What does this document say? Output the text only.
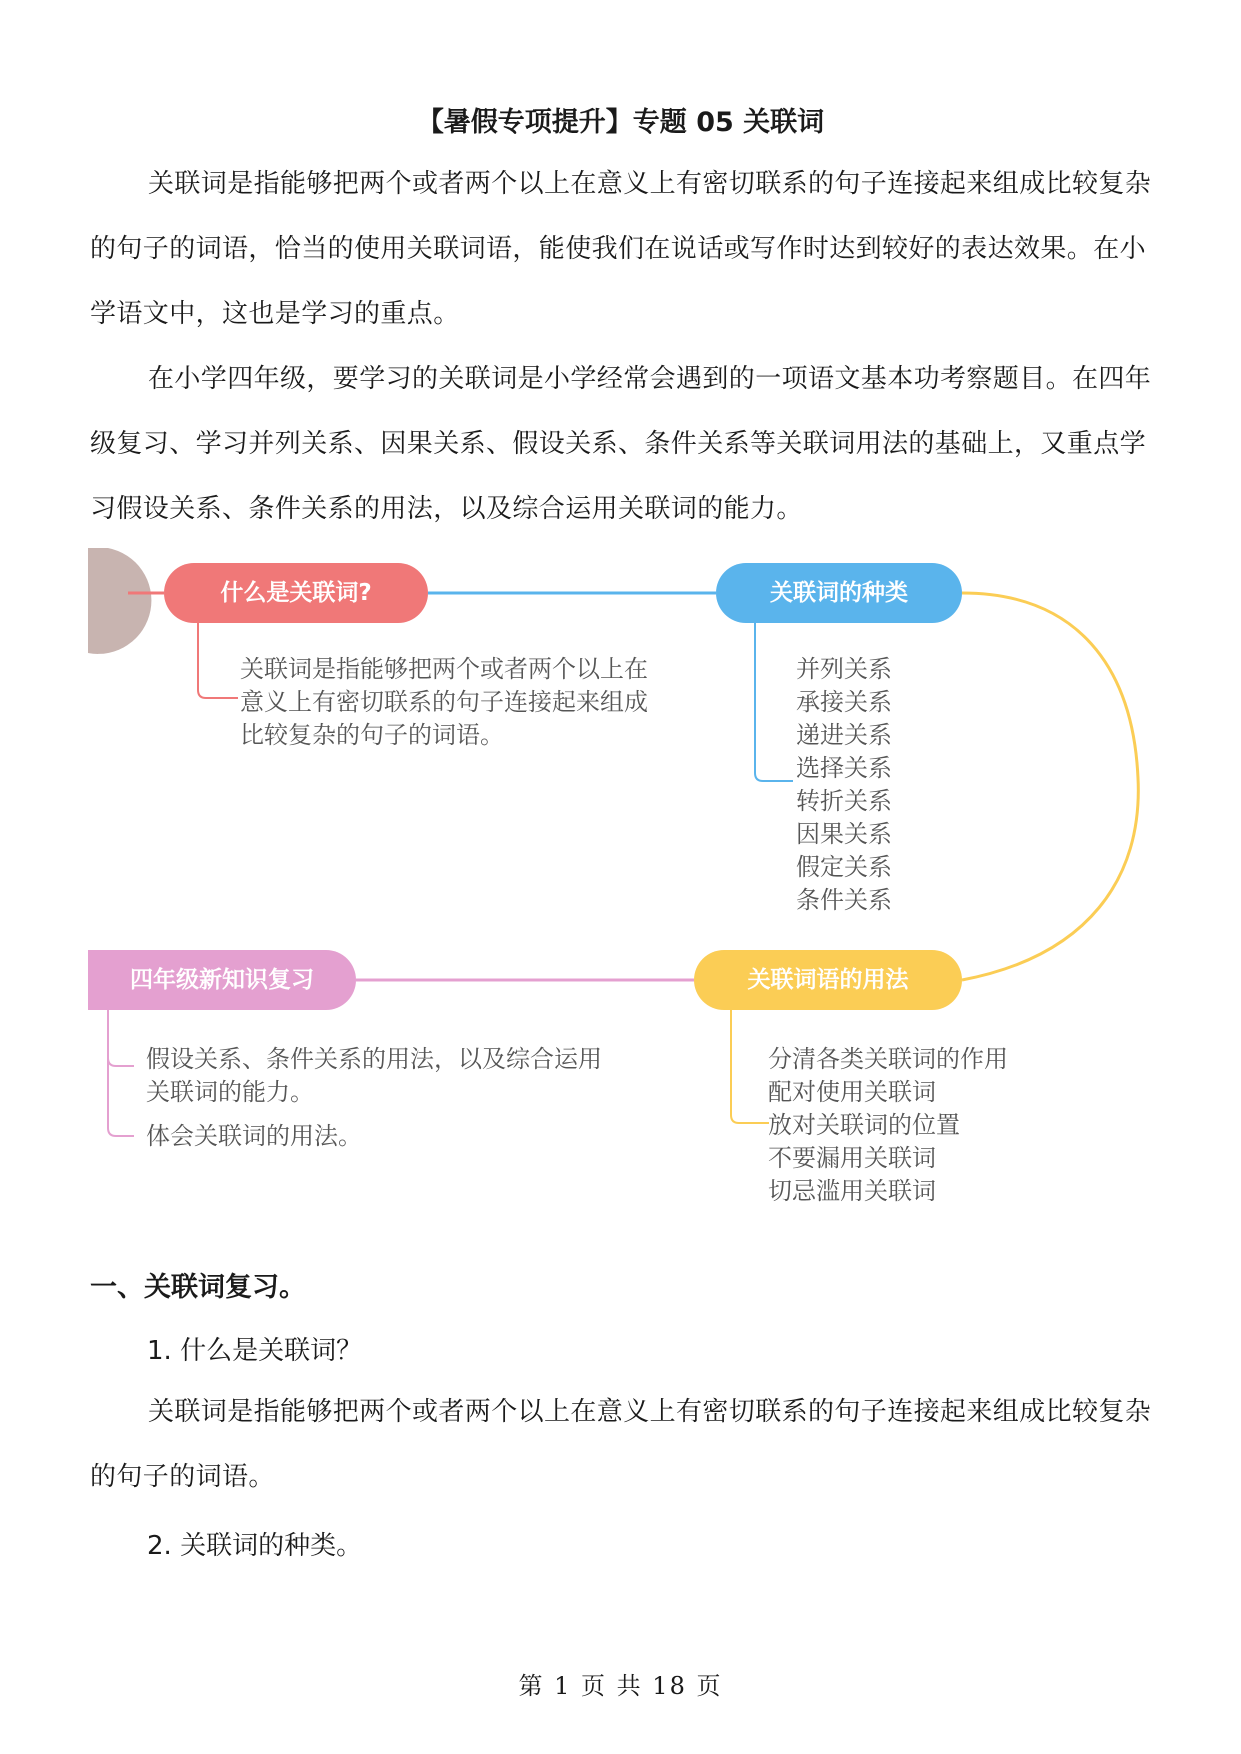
【暑假专项提升】专题 05 关联词

关联词是指能够把两个或者两个以上在意义上有密切联系的句子连接起来组成比较复杂的句子的词语，恰当的使用关联词语，能使我们在说话或写作时达到较好的表达效果。在小学语文中，这也是学习的重点。

在小学四年级，要学习的关联词是小学经常会遇到的一项语文基本功考察题目。在四年级复习、学习并列关系、因果关系、假设关系、条件关系等关联词用法的基础上，又重点学习假设关系、条件关系的用法，以及综合运用关联词的能力。

什么是关联词?
关联词是指能够把两个或者两个以上在
意义上有密切联系的句子连接起来组成
比较复杂的句子的词语。
关联词的种类
并列关系
承接关系
递进关系
选择关系
转折关系
因果关系
假定关系
条件关系
四年级新知识复习
假设关系、条件关系的用法，以及综合运用
关联词的能力。
体会关联词的用法。
关联词语的用法
分清各类关联词的作用
配对使用关联词
放对关联词的位置
不要漏用关联词
切忌滥用关联词
一、关联词复习。
1. 什么是关联词？

关联词是指能够把两个或者两个以上在意义上有密切联系的句子连接起来组成比较复杂的句子的词语。

2. 关联词的种类。
第 1 页 共 18 页
